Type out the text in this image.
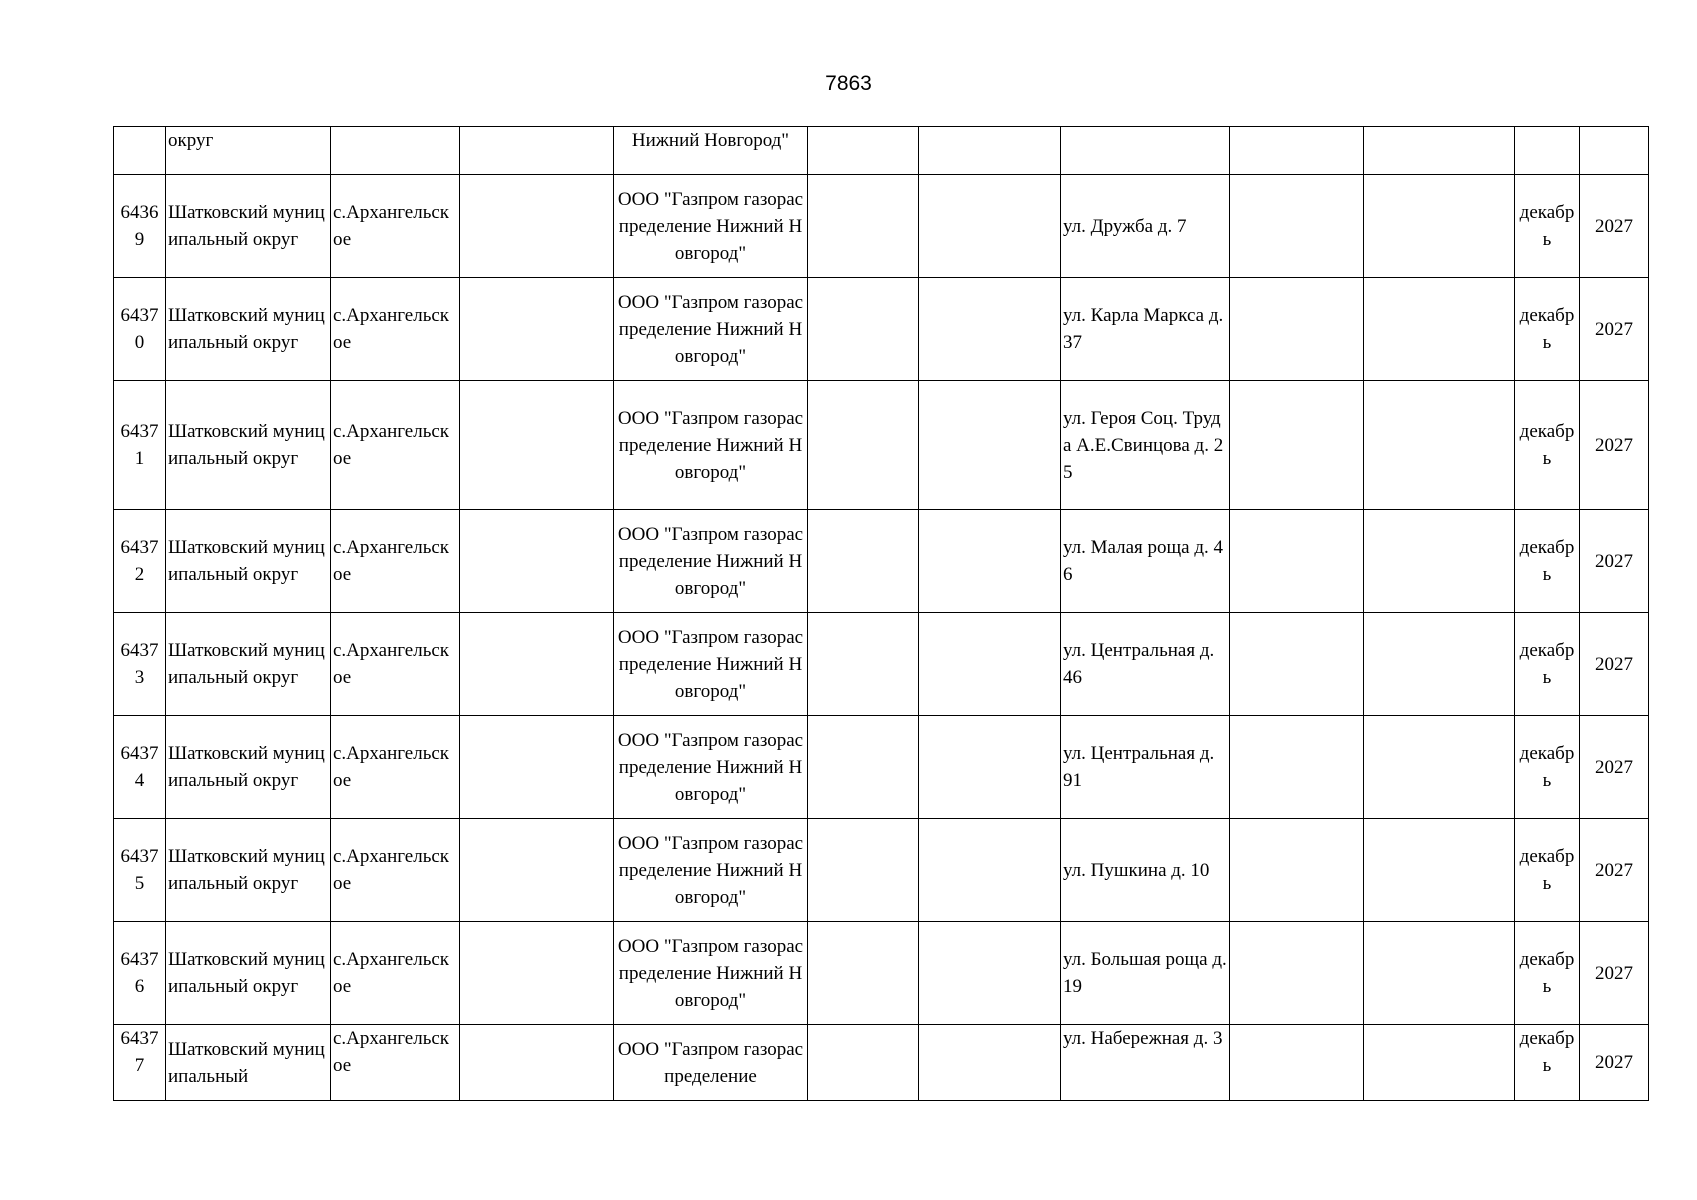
7863
	округ			Нижний Новгород"							
64369	Шатковский муниципальный округ	с.Архангельское		ООО "Газпром газораспределение Нижний Новгород"			ул. Дружба д. 7			декабрь	2027
64370	Шатковский муниципальный округ	с.Архангельское		ООО "Газпром газораспределение Нижний Новгород"			ул. Карла Маркса д. 37			декабрь	2027
64371	Шатковский муниципальный округ	с.Архангельское		ООО "Газпром газораспределение Нижний Новгород"			ул. Героя Соц. Труда А.Е.Свинцова д. 25			декабрь	2027
64372	Шатковский муниципальный округ	с.Архангельское		ООО "Газпром газораспределение Нижний Новгород"			ул. Малая роща д. 46			декабрь	2027
64373	Шатковский муниципальный округ	с.Архангельское		ООО "Газпром газораспределение Нижний Новгород"			ул. Центральная д. 46			декабрь	2027
64374	Шатковский муниципальный округ	с.Архангельское		ООО "Газпром газораспределение Нижний Новгород"			ул. Центральная д. 91			декабрь	2027
64375	Шатковский муниципальный округ	с.Архангельское		ООО "Газпром газораспределение Нижний Новгород"			ул. Пушкина д. 10			декабрь	2027
64376	Шатковский муниципальный округ	с.Архангельское		ООО "Газпром газораспределение Нижний Новгород"			ул. Большая роща д. 19			декабрь	2027
64377	Шатковский муниципальный	с.Архангельское		ООО "Газпром газораспределение			ул. Набережная д. 3			декабрь	2027
